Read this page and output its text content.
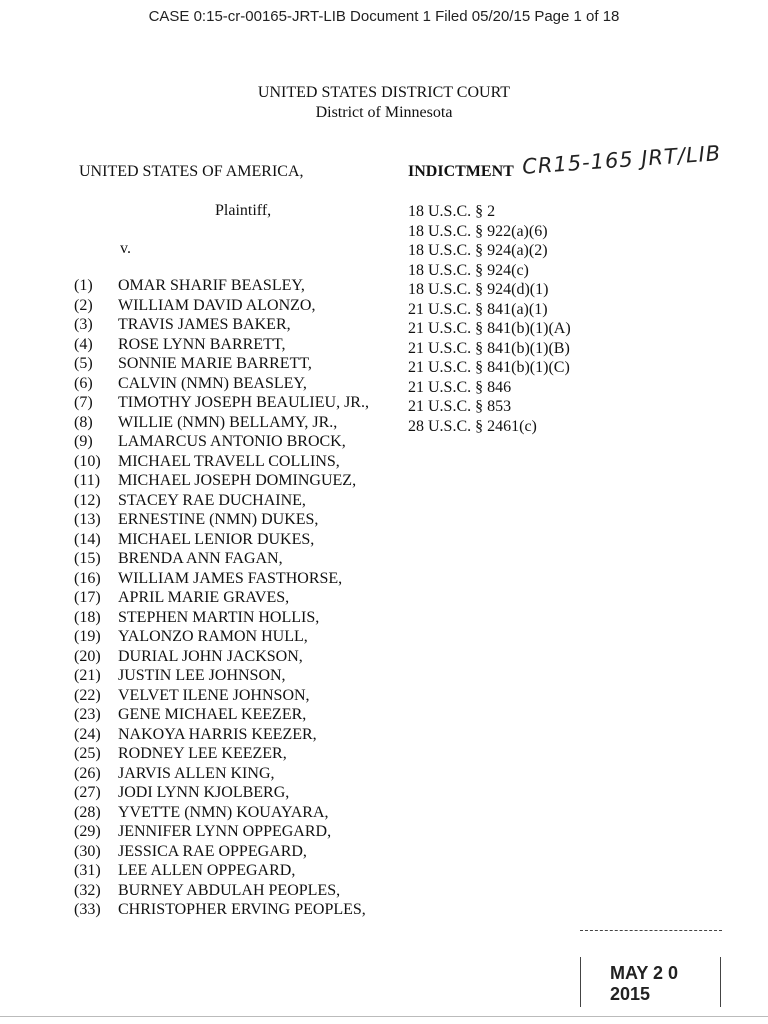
CASE 0:15-cr-00165-JRT-LIB Document 1 Filed 05/20/15 Page 1 of 18
UNITED STATES DISTRICT COURT
District of Minnesota
UNITED STATES OF AMERICA,
Plaintiff,
v.
(1) OMAR SHARIF BEASLEY,
(2) WILLIAM DAVID ALONZO,
(3) TRAVIS JAMES BAKER,
(4) ROSE LYNN BARRETT,
(5) SONNIE MARIE BARRETT,
(6) CALVIN (NMN) BEASLEY,
(7) TIMOTHY JOSEPH BEAULIEU, JR.,
(8) WILLIE (NMN) BELLAMY, JR.,
(9) LAMARCUS ANTONIO BROCK,
(10) MICHAEL TRAVELL COLLINS,
(11) MICHAEL JOSEPH DOMINGUEZ,
(12) STACEY RAE DUCHAINE,
(13) ERNESTINE (NMN) DUKES,
(14) MICHAEL LENIOR DUKES,
(15) BRENDA ANN FAGAN,
(16) WILLIAM JAMES FASTHORSE,
(17) APRIL MARIE GRAVES,
(18) STEPHEN MARTIN HOLLIS,
(19) YALONZO RAMON HULL,
(20) DURIAL JOHN JACKSON,
(21) JUSTIN LEE JOHNSON,
(22) VELVET ILENE JOHNSON,
(23) GENE MICHAEL KEEZER,
(24) NAKOYA HARRIS KEEZER,
(25) RODNEY LEE KEEZER,
(26) JARVIS ALLEN KING,
(27) JODI LYNN KJOLBERG,
(28) YVETTE (NMN) KOUAYARA,
(29) JENNIFER LYNN OPPEGARD,
(30) JESSICA RAE OPPEGARD,
(31) LEE ALLEN OPPEGARD,
(32) BURNEY ABDULAH PEOPLES,
(33) CHRISTOPHER ERVING PEOPLES,
INDICTMENT CR15-165 JRT/LIB
18 U.S.C. § 2
18 U.S.C. § 922(a)(6)
18 U.S.C. § 924(a)(2)
18 U.S.C. § 924(c)
18 U.S.C. § 924(d)(1)
21 U.S.C. § 841(a)(1)
21 U.S.C. § 841(b)(1)(A)
21 U.S.C. § 841(b)(1)(B)
21 U.S.C. § 841(b)(1)(C)
21 U.S.C. § 846
21 U.S.C. § 853
28 U.S.C. § 2461(c)
MAY 2 0 2015
